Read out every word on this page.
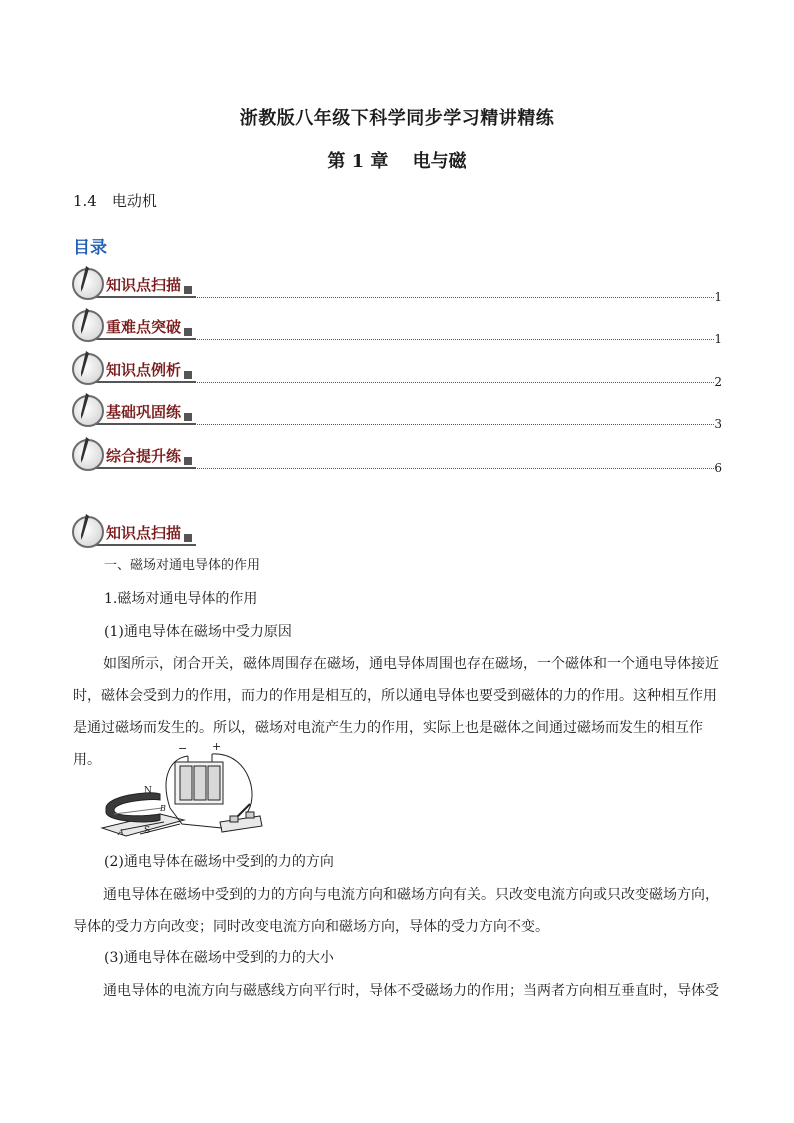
浙教版八年级下科学同步学习精讲精练
第 1 章　 电与磁
1.4　电动机
目录
知识点扫描
1
重难点突破
1
知识点例析
2
基础巩固练
3
综合提升练
6
知识点扫描
一、磁场对通电导体的作用
1.磁场对通电导体的作用
(1)通电导体在磁场中受力原因
如图所示，闭合开关，磁体周围存在磁场，通电导体周围也存在磁场，一个磁体和一个通电导体接近时，磁体会受到力的作用，而力的作用是相互的，所以通电导体也要受到磁体的力的作用。这种相互作用是通过磁场而发生的。所以，磁场对电流产生力的作用，实际上也是磁体之间通过磁场而发生的相互作用。
− +
N
S
A
B
(2)通电导体在磁场中受到的力的方向
通电导体在磁场中受到的力的方向与电流方向和磁场方向有关。只改变电流方向或只改变磁场方向，导体的受力方向改变；同时改变电流方向和磁场方向，导体的受力方向不变。
(3)通电导体在磁场中受到的力的大小
通电导体的电流方向与磁感线方向平行时，导体不受磁场力的作用；当两者方向相互垂直时，导体受
